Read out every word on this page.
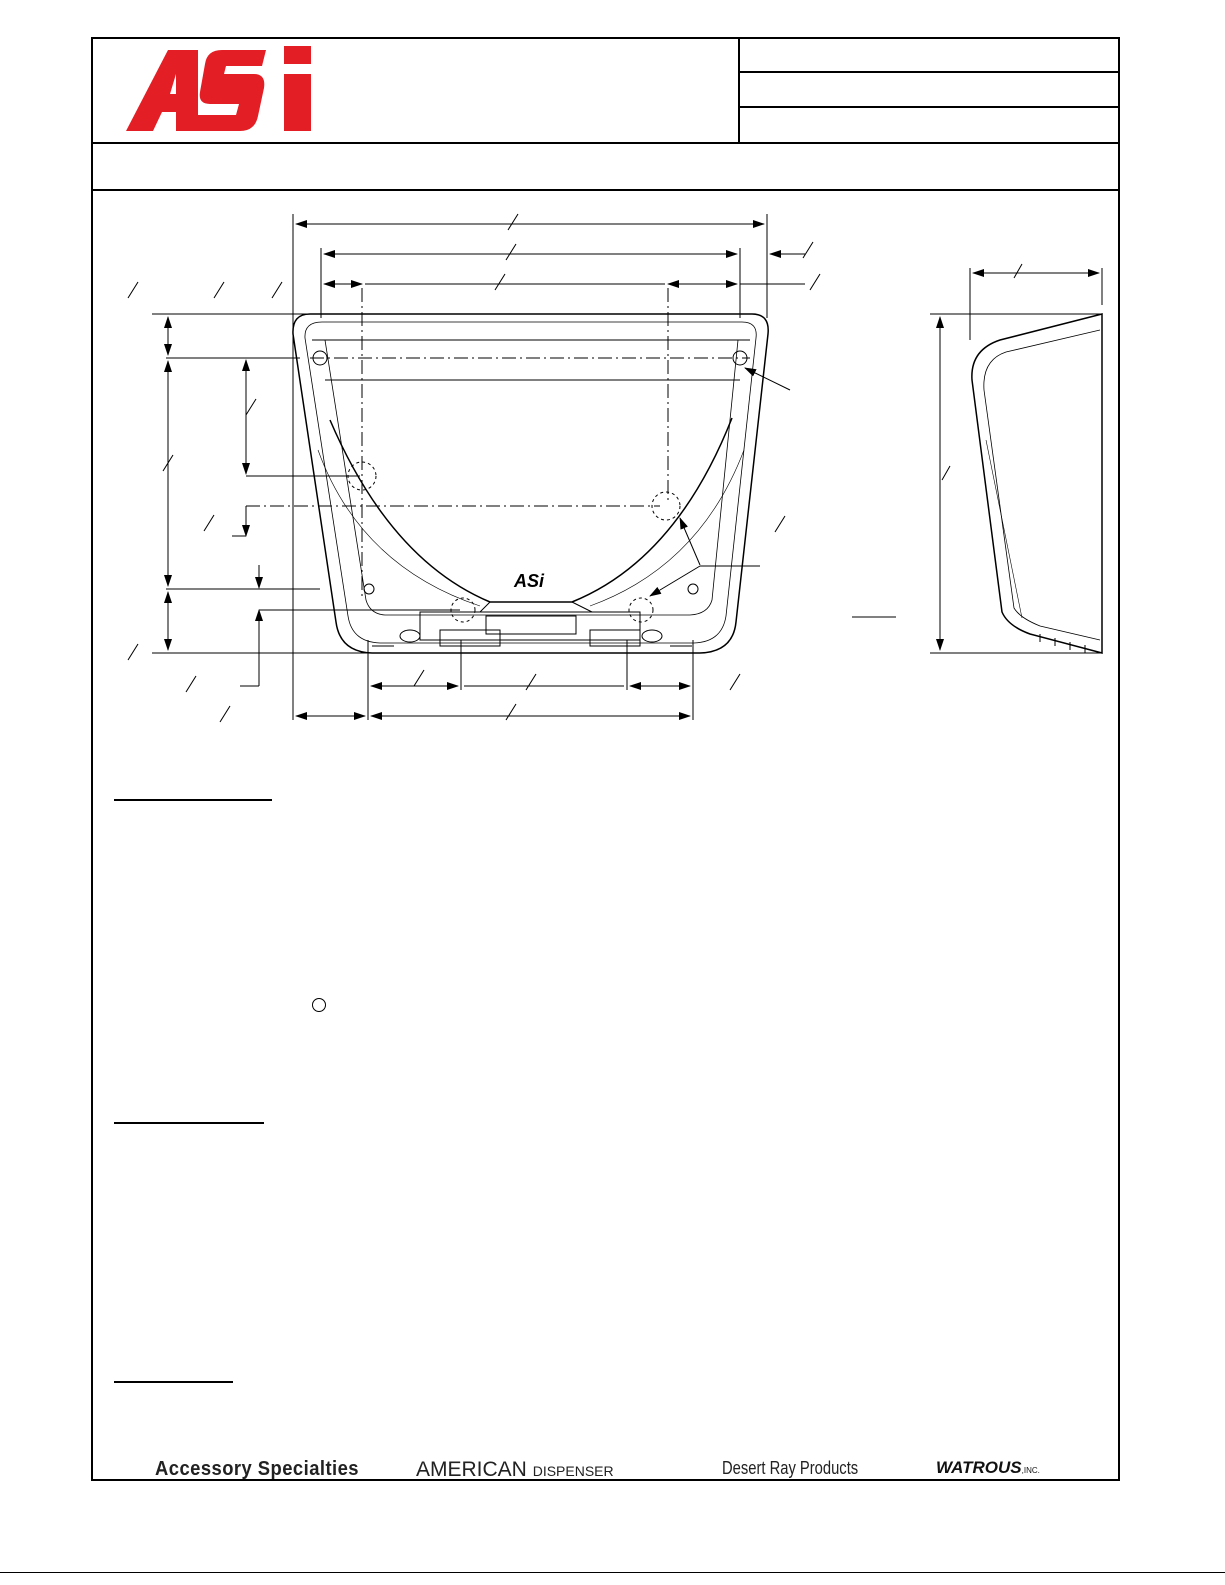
ASi
Accessory Specialties	AMERICAN DISPENSER	Desert Ray Products	WATROUS,INC.
